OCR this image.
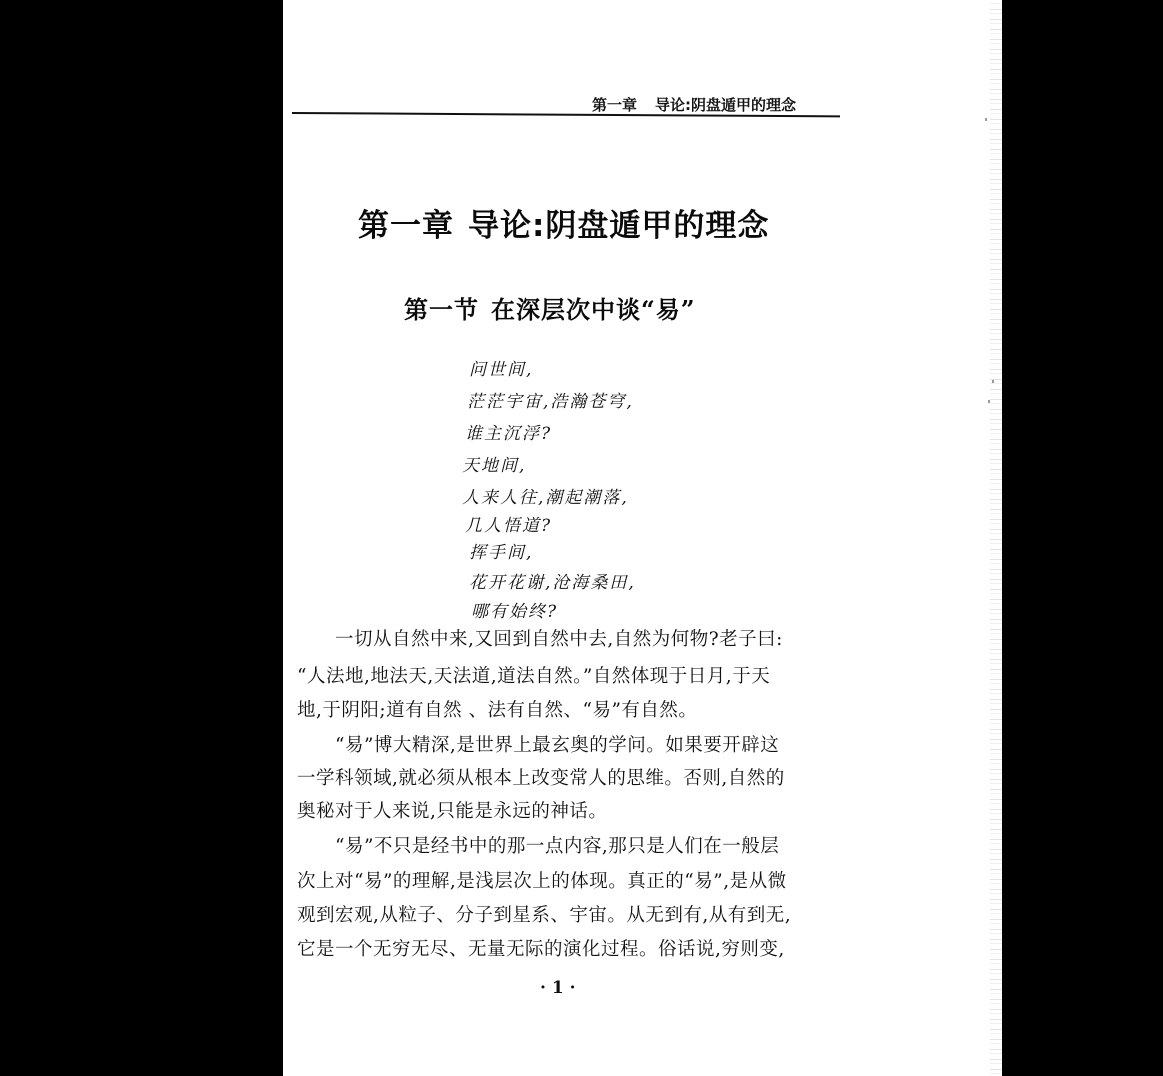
第一章 导论:阴盘遁甲的理念
第一章 导论:阴盘遁甲的理念
第一节 在深层次中谈“易”
问世间,
茫茫宇宙,浩瀚苍穹,
谁主沉浮?
天地间,
人来人往,潮起潮落,
几人悟道?
挥手间,
花开花谢,沧海桑田,
哪有始终?
　　一切从自然中来,又回到自然中去,自然为何物?老子曰:
“人法地,地法天,天法道,道法自然。”自然体现于日月,于天
地,于阴阳;道有自然 、法有自然、“易”有自然。
　　“易”博大精深,是世界上最玄奥的学问。如果要开辟这
一学科领域,就必须从根本上改变常人的思维。否则,自然的
奥秘对于人来说,只能是永远的神话。
　　“易”不只是经书中的那一点内容,那只是人们在一般层
次上对“易”的理解,是浅层次上的体现。真正的“易”,是从微
观到宏观,从粒子、分子到星系、宇宙。从无到有,从有到无,
它是一个无穷无尽、无量无际的演化过程。俗话说,穷则变,
· 1 ·
